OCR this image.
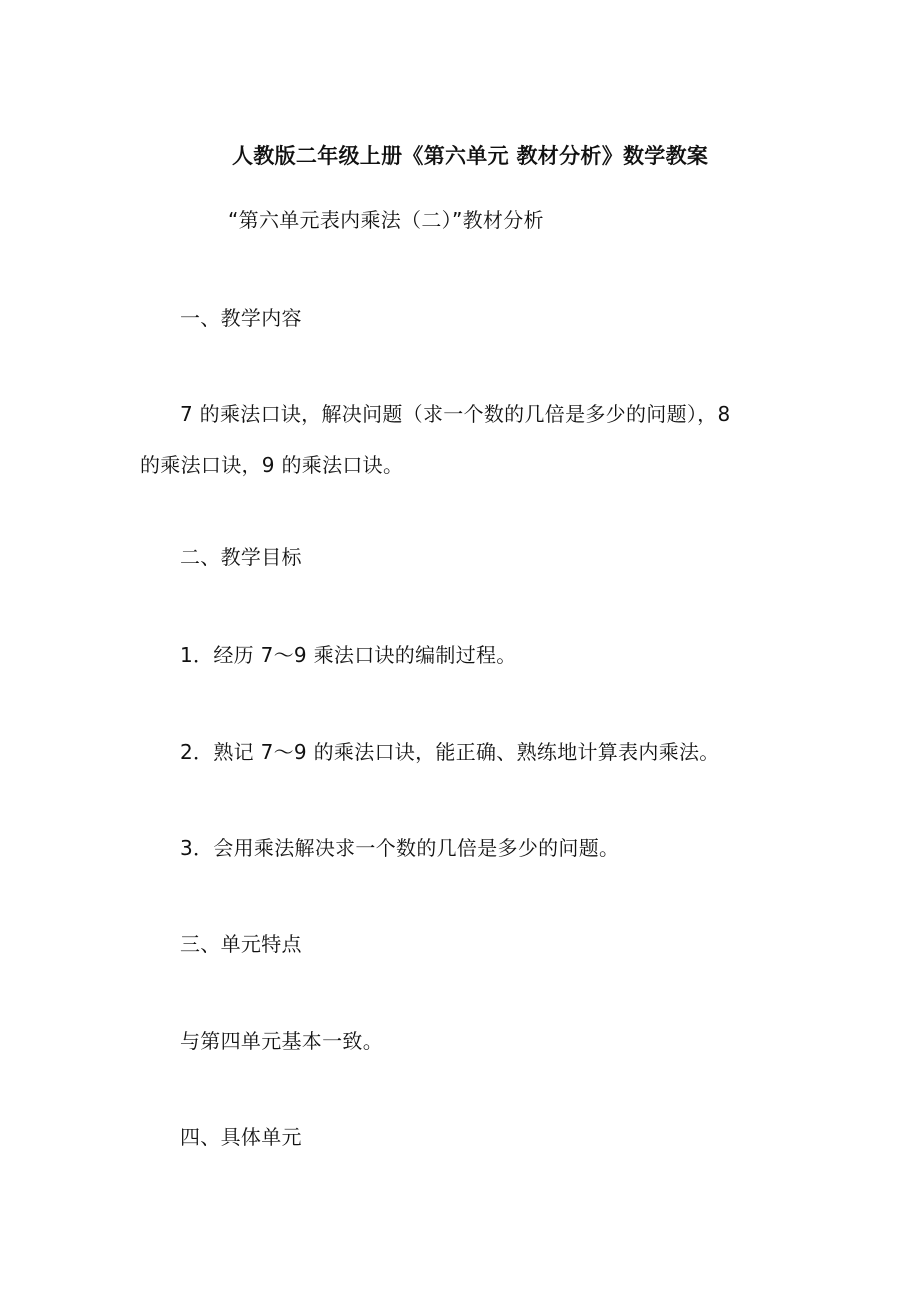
人教版二年级上册《第六单元 教材分析》数学教案
“第六单元表内乘法（二）”教材分析
一、教学内容
7 的乘法口诀，解决问题（求一个数的几倍是多少的问题），8
的乘法口诀，9 的乘法口诀。
二、教学目标
1．经历 7～9 乘法口诀的编制过程。
2．熟记 7～9 的乘法口诀，能正确、熟练地计算表内乘法。
3．会用乘法解决求一个数的几倍是多少的问题。
三、单元特点
与第四单元基本一致。
四、具体单元
